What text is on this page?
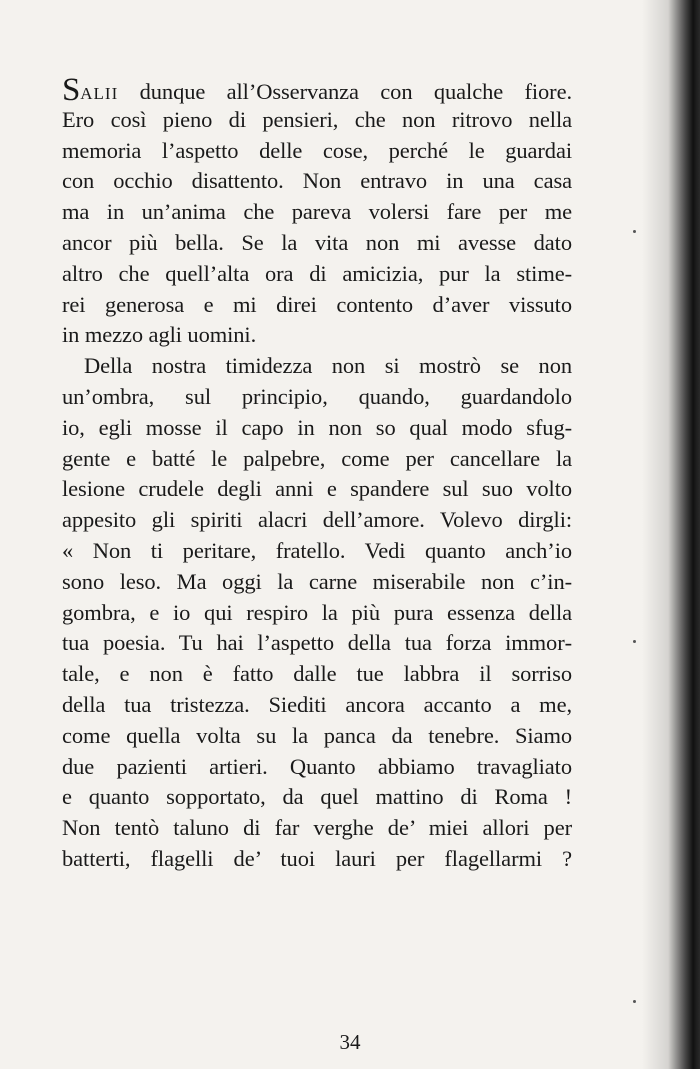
SALII dunque all’Osservanza con qualche fiore.
Ero così pieno di pensieri, che non ritrovo nella
memoria l’aspetto delle cose, perché le guardai
con occhio disattento. Non entravo in una casa
ma in un’anima che pareva volersi fare per me
ancor più bella. Se la vita non mi avesse dato
altro che quell’alta ora di amicizia, pur la stime‐
rei generosa e mi direi contento d’aver vissuto
in mezzo agli uomini.
Della nostra timidezza non si mostrò se non
un’ombra, sul principio, quando, guardandolo
io, egli mosse il capo in non so qual modo sfug‐
gente e batté le palpebre, come per cancellare la
lesione crudele degli anni e spandere sul suo volto
appesito gli spiriti alacri dell’amore. Volevo dirgli:
« Non ti peritare, fratello. Vedi quanto anch’io
sono leso. Ma oggi la carne miserabile non c’in‐
gombra, e io qui respiro la più pura essenza della
tua poesia. Tu hai l’aspetto della tua forza immor‐
tale, e non è fatto dalle tue labbra il sorriso
della tua tristezza. Siediti ancora accanto a me,
come quella volta su la panca da tenebre. Siamo
due pazienti artieri. Quanto abbiamo travagliato
e quanto sopportato, da quel mattino di Roma !
Non tentò taluno di far verghe de’ miei allori per
batterti, flagelli de’ tuoi lauri per flagellarmi ?
34
